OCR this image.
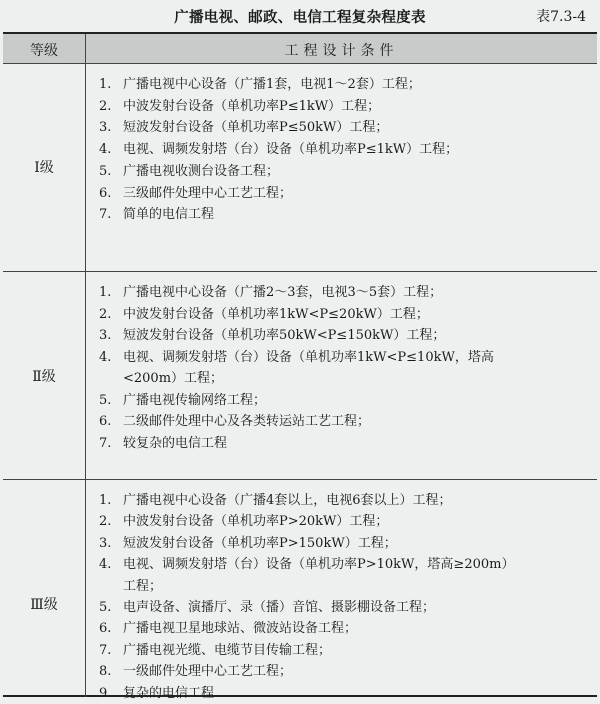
广播电视、邮政、电信工程复杂程度表	表7.3-4
等级	工程设计条件
Ⅰ级
1. 广播电视中心设备（广播1套，电视1～2套）工程；
2. 中波发射台设备（单机功率P≤1kW）工程；
3. 短波发射台设备（单机功率P≤50kW）工程；
4. 电视、调频发射塔（台）设备（单机功率P≤1kW）工程；
5. 广播电视收测台设备工程；
6. 三级邮件处理中心工艺工程；
7. 简单的电信工程
Ⅱ级
1. 广播电视中心设备（广播2～3套，电视3～5套）工程；
2. 中波发射台设备（单机功率1kW<P≤20kW）工程；
3. 短波发射台设备（单机功率50kW<P≤150kW）工程；
4. 电视、调频发射塔（台）设备（单机功率1kW<P≤10kW，塔高
<200m）工程；
5. 广播电视传输网络工程；
6. 二级邮件处理中心及各类转运站工艺工程；
7. 较复杂的电信工程
Ⅲ级
1. 广播电视中心设备（广播4套以上，电视6套以上）工程；
2. 中波发射台设备（单机功率P>20kW）工程；
3. 短波发射台设备（单机功率P>150kW）工程；
4. 电视、调频发射塔（台）设备（单机功率P>10kW，塔高≥200m）
工程；
5. 电声设备、演播厅、录（播）音馆、摄影棚设备工程；
6. 广播电视卫星地球站、微波站设备工程；
7. 广播电视光缆、电缆节目传输工程；
8. 一级邮件处理中心工艺工程；
9. 复杂的电信工程
